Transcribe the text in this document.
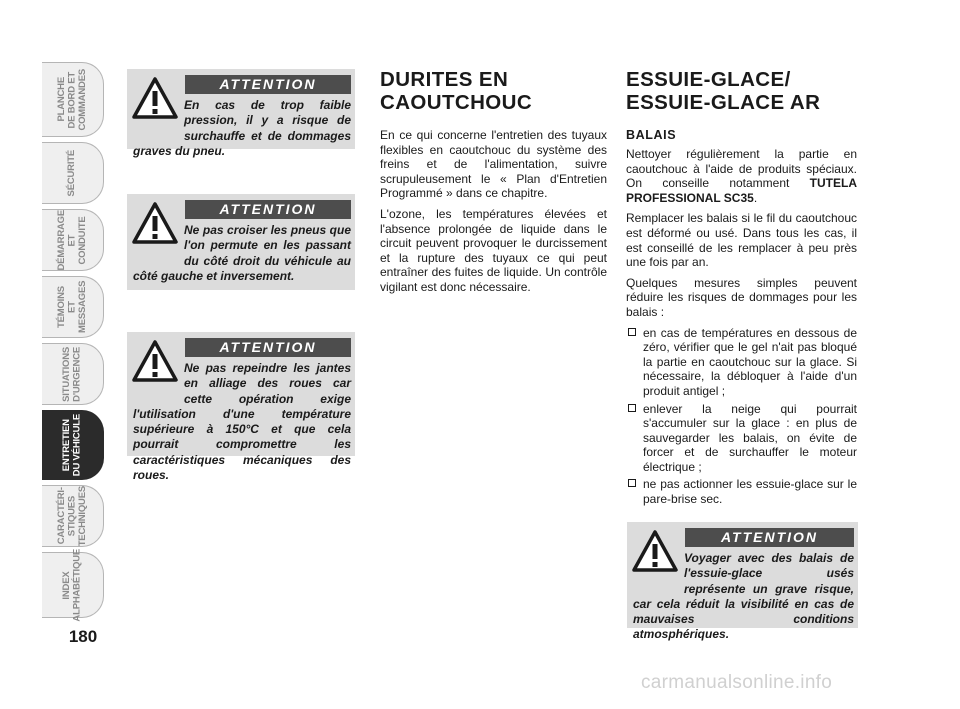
PLANCHE
DE BORD ET
COMMANDES
SÉCURITÉ
DÉMARRAGE
ET CONDUITE
TÉMOINS
ET MESSAGES
SITUATIONS
D'URGENCE
ENTRETIEN
DU VÉHICULE
CARACTÉRI-
STIQUES
TECHNIQUES
INDEX
ALPHABÉTIQUE
180
ATTENTION
En cas de trop faible pression, il y a risque de surchauffe et de dommages graves du pneu.
ATTENTION
Ne pas croiser les pneus que l'on permute en les passant du côté droit du véhicule au côté gauche et inversement.
ATTENTION
Ne pas repeindre les jantes en alliage des roues car cette opération exige l'utilisation d'une température supérieure à 150°C et que cela pourrait compromettre les caractéristiques mécaniques des roues.
DURITES EN
CAOUTCHOUC

En ce qui concerne l'entretien des tuyaux flexibles en caoutchouc du système des freins et de l'alimentation, suivre scrupuleusement le « Plan d'Entretien Programmé » dans ce chapitre.

L'ozone, les températures élevées et l'absence prolongée de liquide dans le circuit peuvent provoquer le durcissement et la rupture des tuyaux ce qui peut entraîner des fuites de liquide. Un contrôle vigilant est donc nécessaire.

ESSUIE-GLACE/
ESSUIE-GLACE AR
BALAIS

Nettoyer régulièrement la partie en caoutchouc à l'aide de produits spéciaux. On conseille notamment TUTELA PROFESSIONAL SC35.

Remplacer les balais si le fil du caoutchouc est déformé ou usé. Dans tous les cas, il est conseillé de les remplacer à peu près une fois par an.

Quelques mesures simples peuvent réduire les risques de dommages pour les balais :

en cas de températures en dessous de zéro, vérifier que le gel n'ait pas bloqué la partie en caoutchouc sur la glace. Si nécessaire, la débloquer à l'aide d'un produit antigel ;
enlever la neige qui pourrait s'accumuler sur la glace : en plus de sauvegarder les balais, on évite de forcer et de surchauffer le moteur électrique ;
ne pas actionner les essuie-glace sur le pare-brise sec.
ATTENTION
Voyager avec des balais de l'essuie-glace usés représente un grave risque, car cela réduit la visibilité en cas de mauvaises conditions atmosphériques.
carmanualsonline.info
